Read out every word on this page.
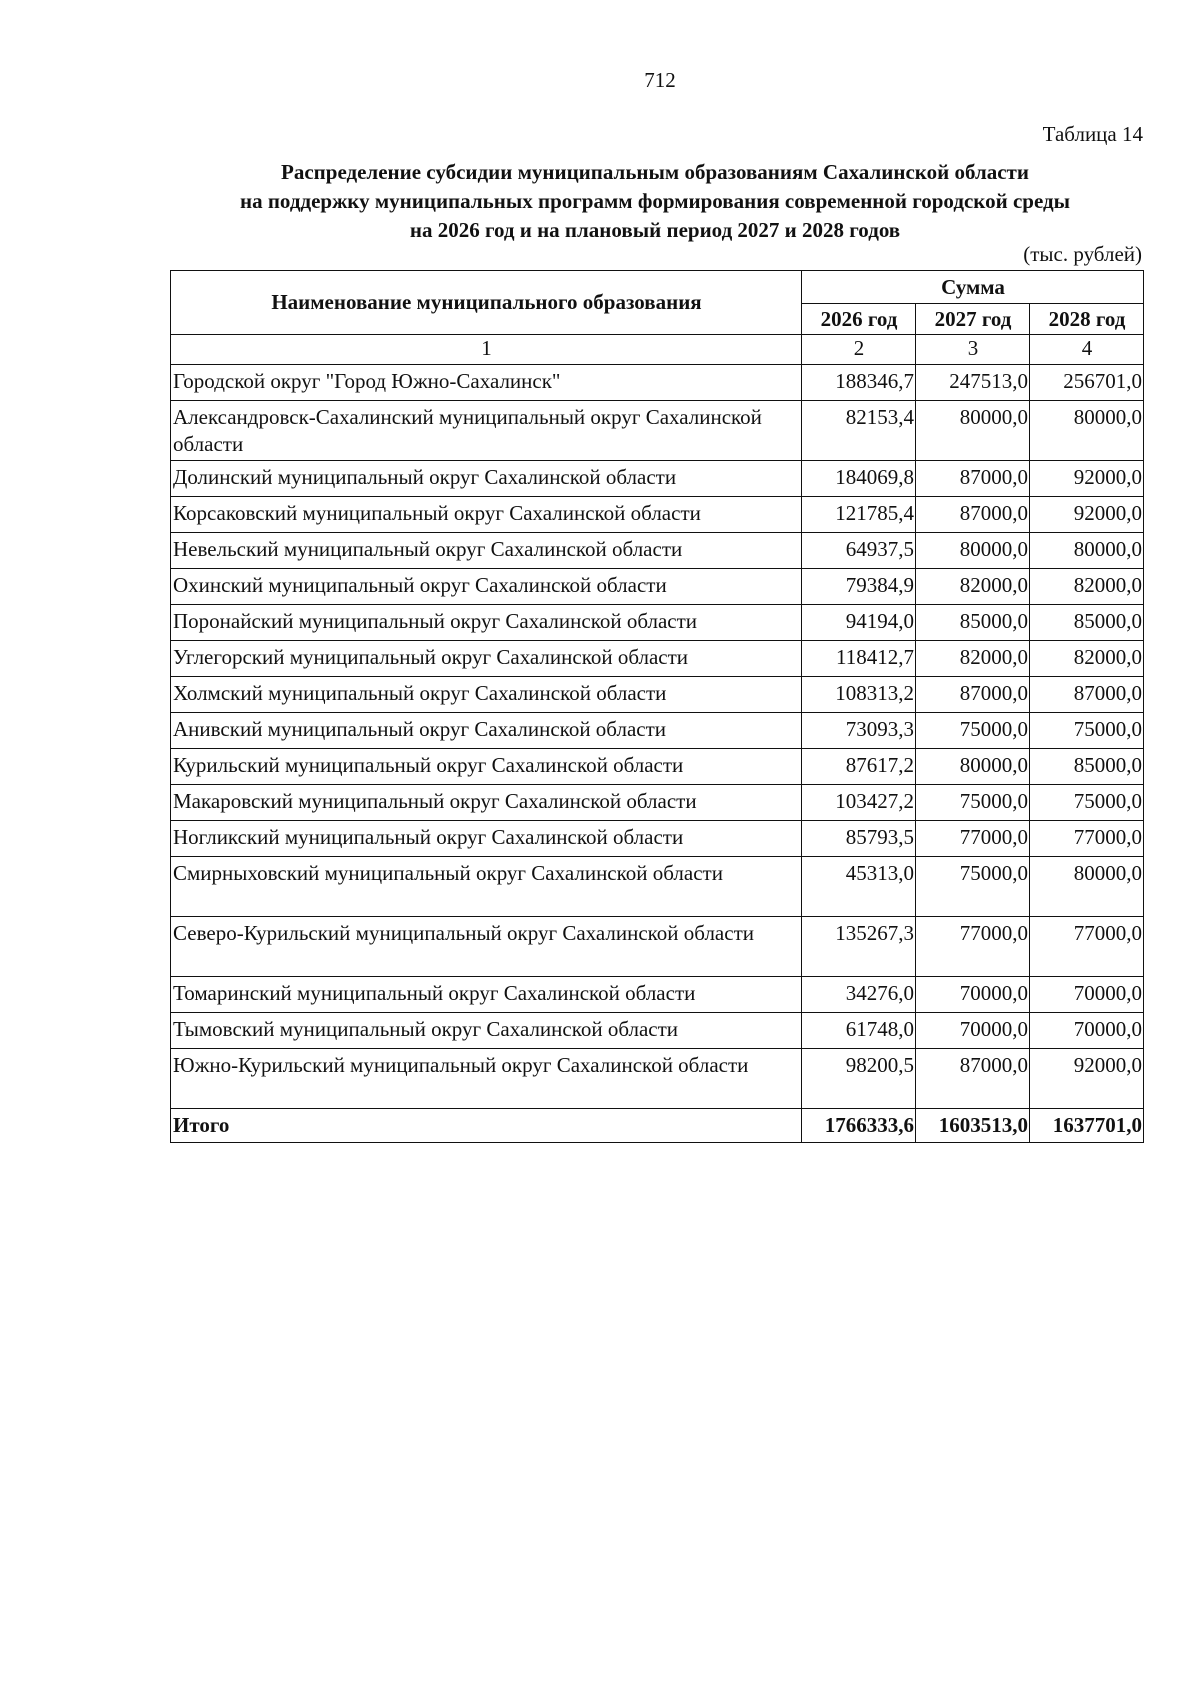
712
Таблица 14
Распределение субсидии муниципальным образованиям Сахалинской области
на поддержку муниципальных программ формирования современной городской среды
на 2026 год и на плановый период 2027 и 2028 годов
(тыс. рублей)
Наименование муниципального образования	Сумма		
	2026 год	2027 год	2028 год
1	2	3	4
Городской округ "Город Южно-Сахалинск"	188346,7	247513,0	256701,0
Александровск-Сахалинский муниципальный округ Сахалинской области	82153,4	80000,0	80000,0
Долинский муниципальный округ Сахалинской области	184069,8	87000,0	92000,0
Корсаковский муниципальный округ Сахалинской области	121785,4	87000,0	92000,0
Невельский муниципальный округ Сахалинской области	64937,5	80000,0	80000,0
Охинский муниципальный округ Сахалинской области	79384,9	82000,0	82000,0
Поронайский муниципальный округ Сахалинской области	94194,0	85000,0	85000,0
Углегорский муниципальный округ Сахалинской области	118412,7	82000,0	82000,0
Холмский муниципальный округ Сахалинской области	108313,2	87000,0	87000,0
Анивский муниципальный округ Сахалинской области	73093,3	75000,0	75000,0
Курильский муниципальный округ Сахалинской области	87617,2	80000,0	85000,0
Макаровский муниципальный округ Сахалинской области	103427,2	75000,0	75000,0
Ногликский муниципальный округ Сахалинской области	85793,5	77000,0	77000,0
Смирныховский муниципальный округ Сахалинской области	45313,0	75000,0	80000,0
Северо-Курильский муниципальный округ Сахалинской области	135267,3	77000,0	77000,0
Томаринский муниципальный округ Сахалинской области	34276,0	70000,0	70000,0
Тымовский муниципальный округ Сахалинской области	61748,0	70000,0	70000,0
Южно-Курильский муниципальный округ Сахалинской области	98200,5	87000,0	92000,0
Итого	1766333,6	1603513,0	1637701,0
